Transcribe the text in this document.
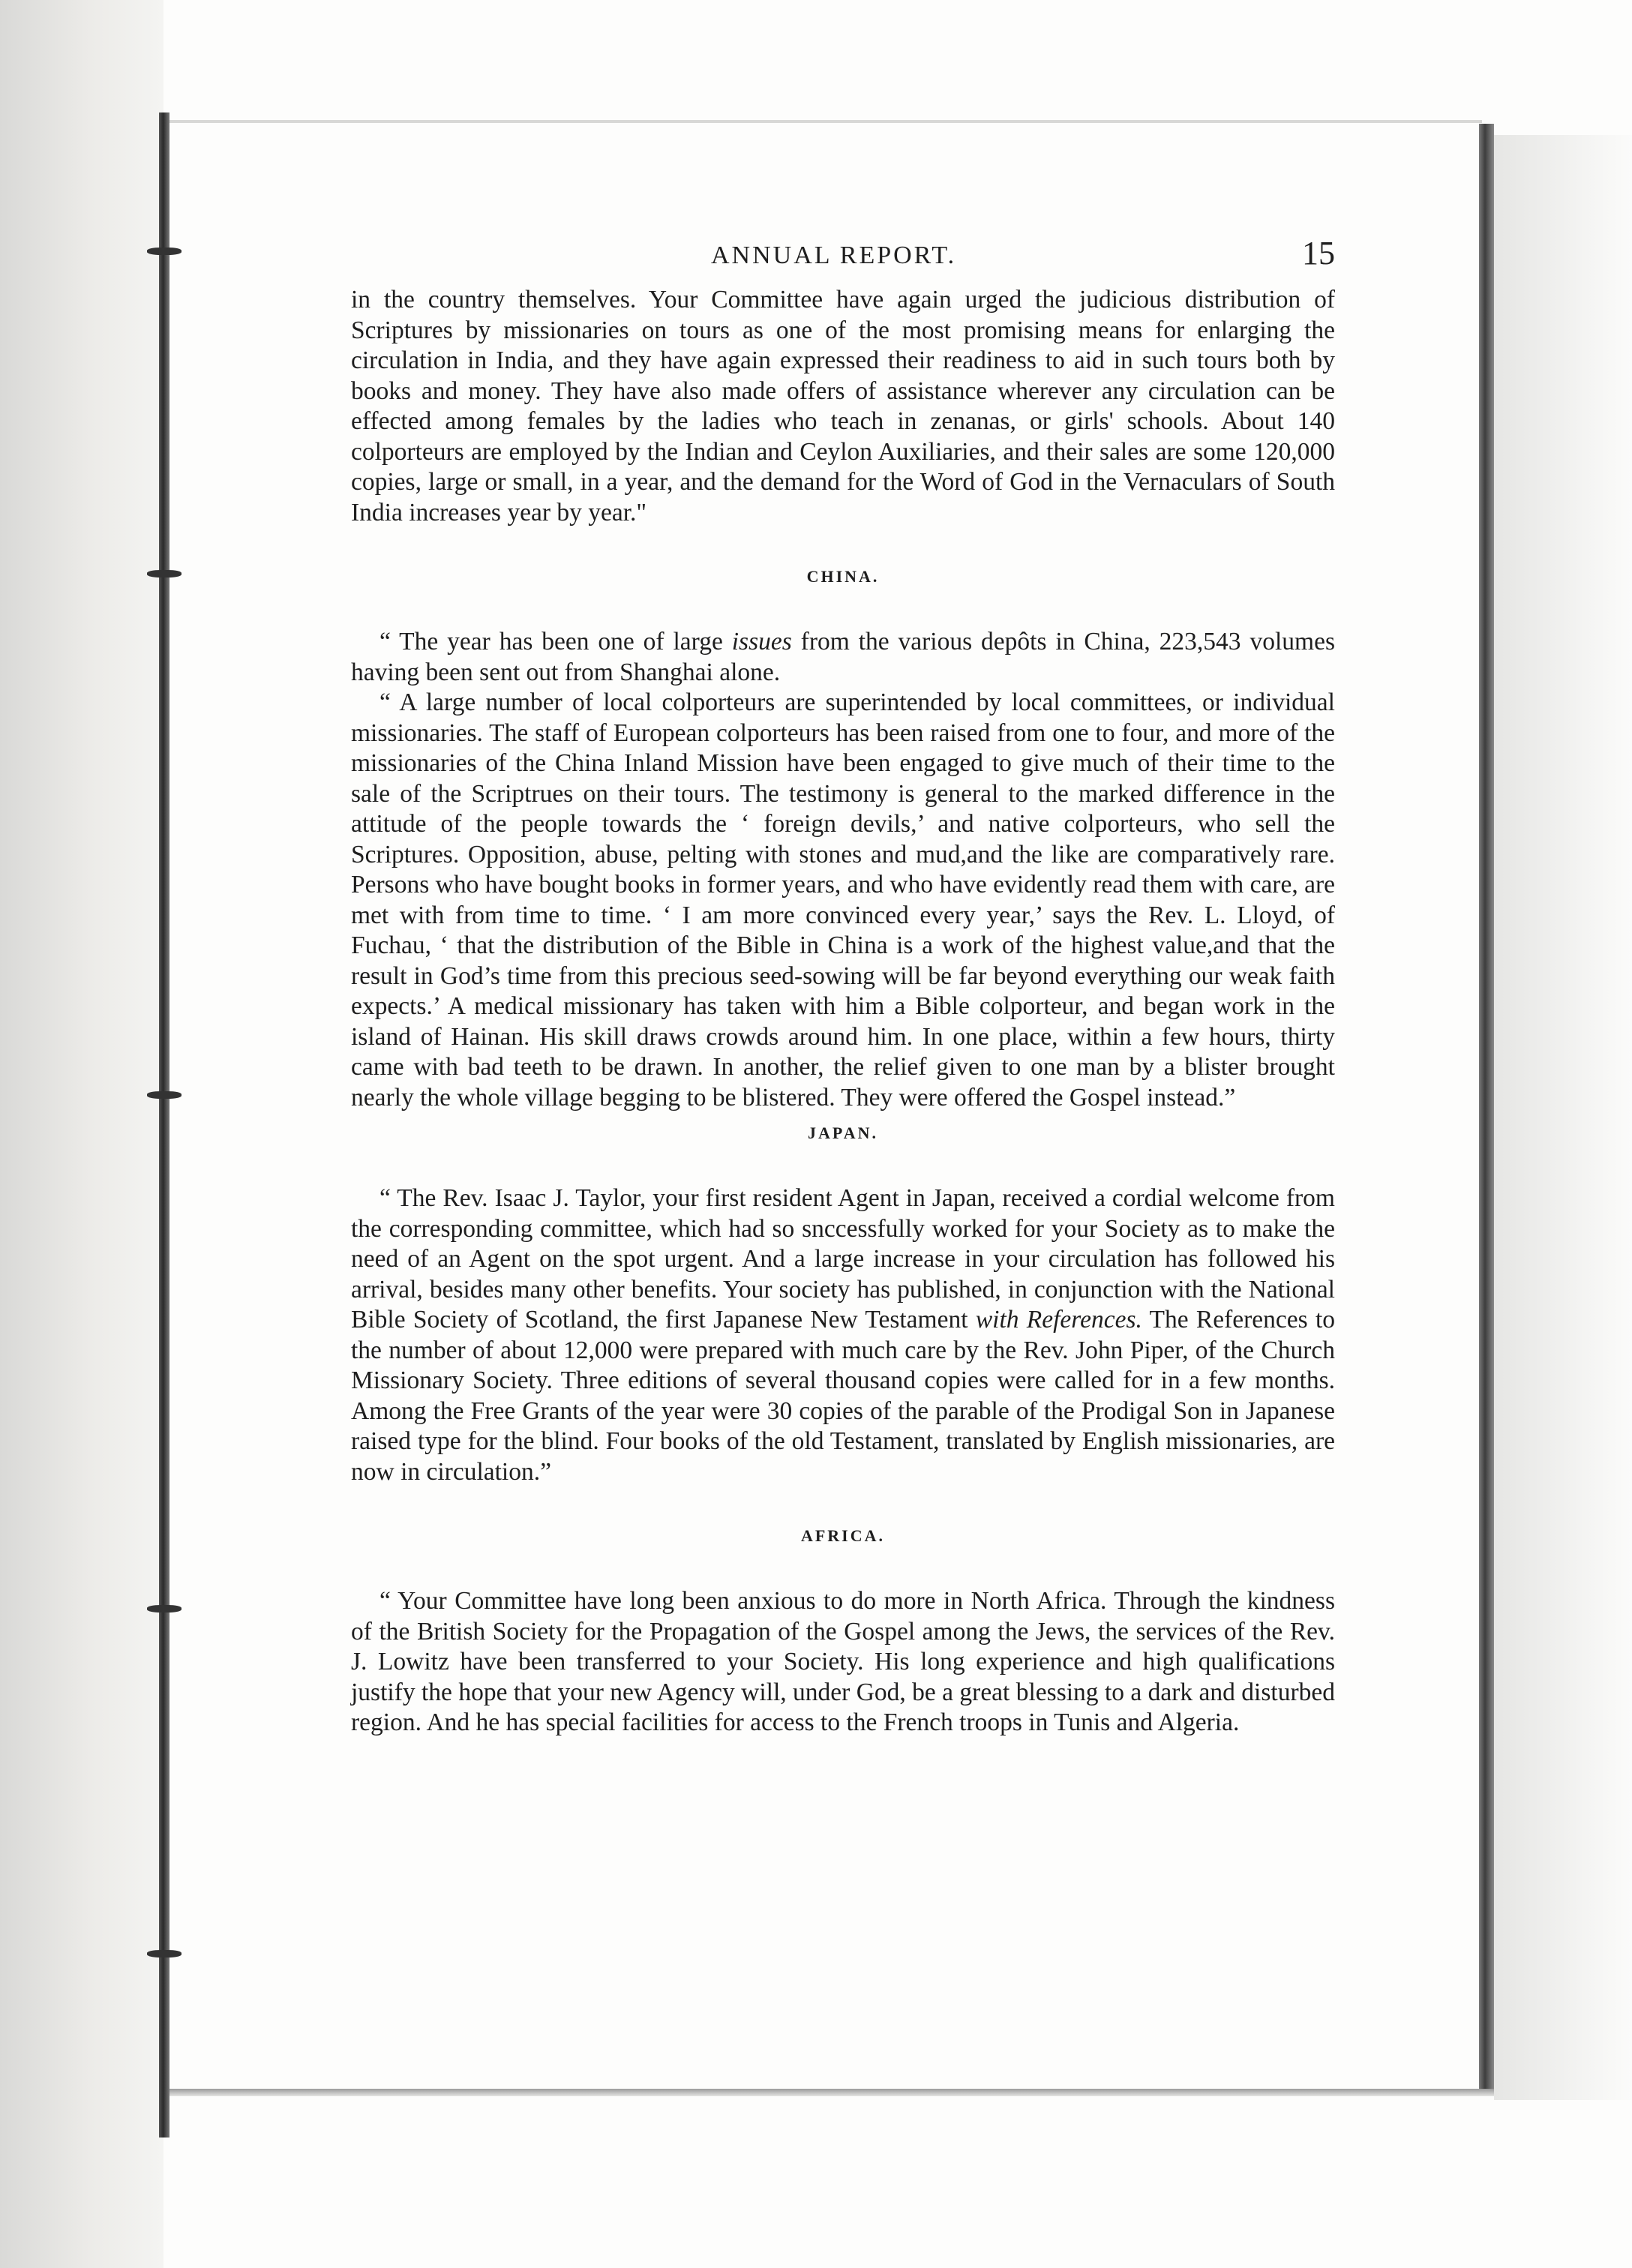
ANNUAL REPORT.	15

in the country themselves. Your Committee have again urged the judicious distribution of Scriptures by missionaries on tours as one of the most promising means for enlarging the circulation in India, and they have again expressed their readiness to aid in such tours both by books and money. They have also made offers of assistance wherever any circulation can be effected among females by the ladies who teach in zenanas, or girls' schools. About 140 colporteurs are employed by the Indian and Ceylon Auxiliaries, and their sales are some 120,000 copies, large or small, in a year, and the demand for the Word of God in the Vernaculars of South India increases year by year."

CHINA.

“ The year has been one of large issues from the various depôts in China, 223,543 volumes having been sent out from Shanghai alone.

“ A large number of local colporteurs are superintended by local committees, or individual missionaries. The staff of European colporteurs has been raised from one to four, and more of the missionaries of the China Inland Mission have been engaged to give much of their time to the sale of the Scriptrues on their tours. The testimony is general to the marked difference in the attitude of the people towards the ‘ foreign devils,’ and native colporteurs, who sell the Scriptures. Opposition, abuse, pelting with stones and mud,and the like are comparatively rare. Persons who have bought books in former years, and who have evidently read them with care, are met with from time to time. ‘ I am more convinced every year,’ says the Rev. L. Lloyd, of Fuchau, ‘ that the distribution of the Bible in China is a work of the highest value,and that the result in God’s time from this precious seed-sowing will be far beyond everything our weak faith expects.’ A medical missionary has taken with him a Bible colporteur, and began work in the island of Hainan. His skill draws crowds around him. In one place, within a few hours, thirty came with bad teeth to be drawn. In another, the relief given to one man by a blister brought nearly the whole village begging to be blistered. They were offered the Gospel instead.”

JAPAN.

“ The Rev. Isaac J. Taylor, your first resident Agent in Japan, received a cordial welcome from the corresponding committee, which had so snccessfully worked for your Society as to make the need of an Agent on the spot urgent. And a large increase in your circulation has followed his arrival, besides many other benefits. Your society has published, in conjunction with the National Bible Society of Scotland, the first Japanese New Testament with References. The References to the number of about 12,000 were prepared with much care by the Rev. John Piper, of the Church Missionary Society. Three editions of several thousand copies were called for in a few months. Among the Free Grants of the year were 30 copies of the parable of the Prodigal Son in Japanese raised type for the blind. Four books of the old Testament, translated by English missionaries, are now in circulation.”

AFRICA.

“ Your Committee have long been anxious to do more in North Africa. Through the kindness of the British Society for the Propagation of the Gospel among the Jews, the services of the Rev. J. Lowitz have been transferred to your Society. His long experience and high qualifications justify the hope that your new Agency will, under God, be a great blessing to a dark and disturbed region. And he has special facilities for access to the French troops in Tunis and Algeria.
